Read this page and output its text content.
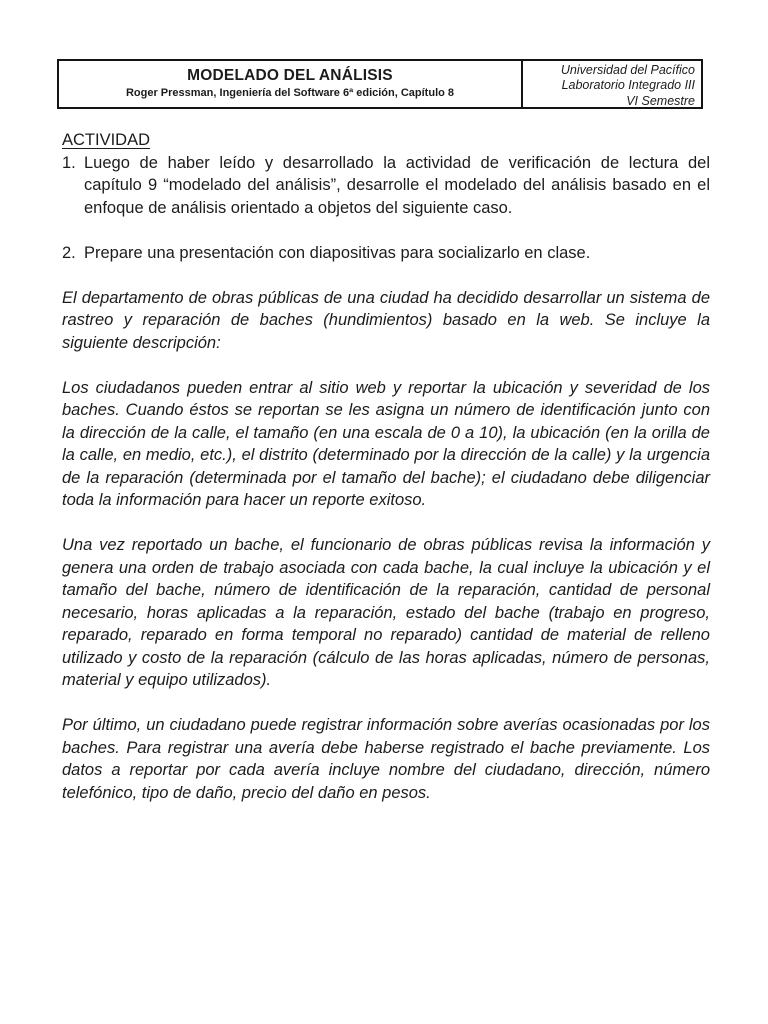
MODELADO DEL ANÁLISIS
Roger Pressman, Ingeniería del Software 6ª edición, Capítulo 8
Universidad del Pacífico
Laboratorio Integrado III
VI Semestre
ACTIVIDAD
1. Luego de haber leído y desarrollado la actividad de verificación de lectura del capítulo 9 “modelado del análisis”, desarrolle el modelado del análisis basado en el enfoque de análisis orientado a objetos del siguiente caso.
2. Prepare una presentación con diapositivas para socializarlo en clase.

El departamento de obras públicas de una ciudad ha decidido desarrollar un sistema de rastreo y reparación de baches (hundimientos) basado en la web. Se incluye la siguiente descripción:

Los ciudadanos pueden entrar al sitio web y reportar la ubicación y severidad de los baches. Cuando éstos se reportan se les asigna un número de identificación junto con la dirección de la calle, el tamaño (en una escala de 0 a 10), la ubicación (en la orilla de la calle, en medio, etc.), el distrito (determinado por la dirección de la calle) y la urgencia de la reparación (determinada por el tamaño del bache); el ciudadano debe diligenciar toda la información para hacer un reporte exitoso.

Una vez reportado un bache, el funcionario de obras públicas revisa la información y genera una orden de trabajo asociada con cada bache, la cual incluye la ubicación y el tamaño del bache, número de identificación de la reparación, cantidad de personal necesario, horas aplicadas a la reparación, estado del bache (trabajo en progreso, reparado, reparado en forma temporal no reparado) cantidad de material de relleno utilizado y costo de la reparación (cálculo de las horas aplicadas, número de personas, material y equipo utilizados).

Por último, un ciudadano puede registrar información sobre averías ocasionadas por los baches. Para registrar una avería debe haberse registrado el bache previamente. Los datos a reportar por cada avería incluye nombre del ciudadano, dirección, número telefónico, tipo de daño, precio del daño en pesos.
